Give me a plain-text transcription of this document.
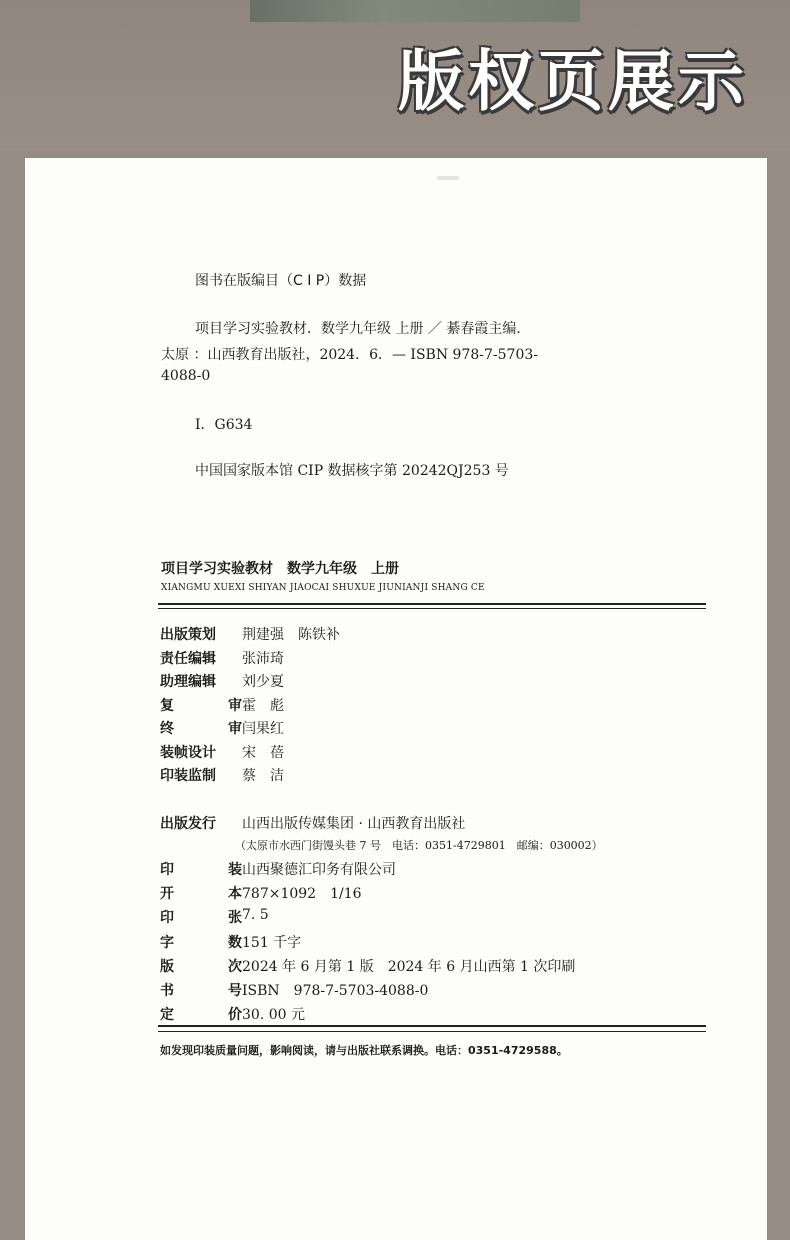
版权页展示
图书在版编目（C I P）数据
项目学习实验教材．数学九年级 上册 ／ 綦春霞主编．
太原 ：山西教育出版社，2024．6．— ISBN 978-7-5703-
4088-0
Ⅰ．G634
中国国家版本馆 CIP 数据核字第 20242QJ253 号
项目学习实验教材　数学九年级　上册
XIANGMU XUEXI SHIYAN JIAOCAI SHUXUE JIUNIANJI SHANG CE
出版策划 荆建强　陈铁补
责任编辑 张沛琦
助理编辑 刘少夏
复	审 霍　彪
终	审 闫果红
装帧设计 宋　蓓
印装监制 蔡　洁
出版发行 山西出版传媒集团 · 山西教育出版社
（太原市水西门街馒头巷 7 号　电话：0351-4729801　邮编：030002）
印	装 山西聚德汇印务有限公司
开	本 787×1092　1/16
印	张 7. 5
字	数 151 千字
版	次 2024 年 6 月第 1 版　2024 年 6 月山西第 1 次印刷
书	号 ISBN　978-7-5703-4088-0
定	价 30. 00 元
如发现印装质量问题，影响阅读，请与出版社联系调换。电话：0351-4729588。
